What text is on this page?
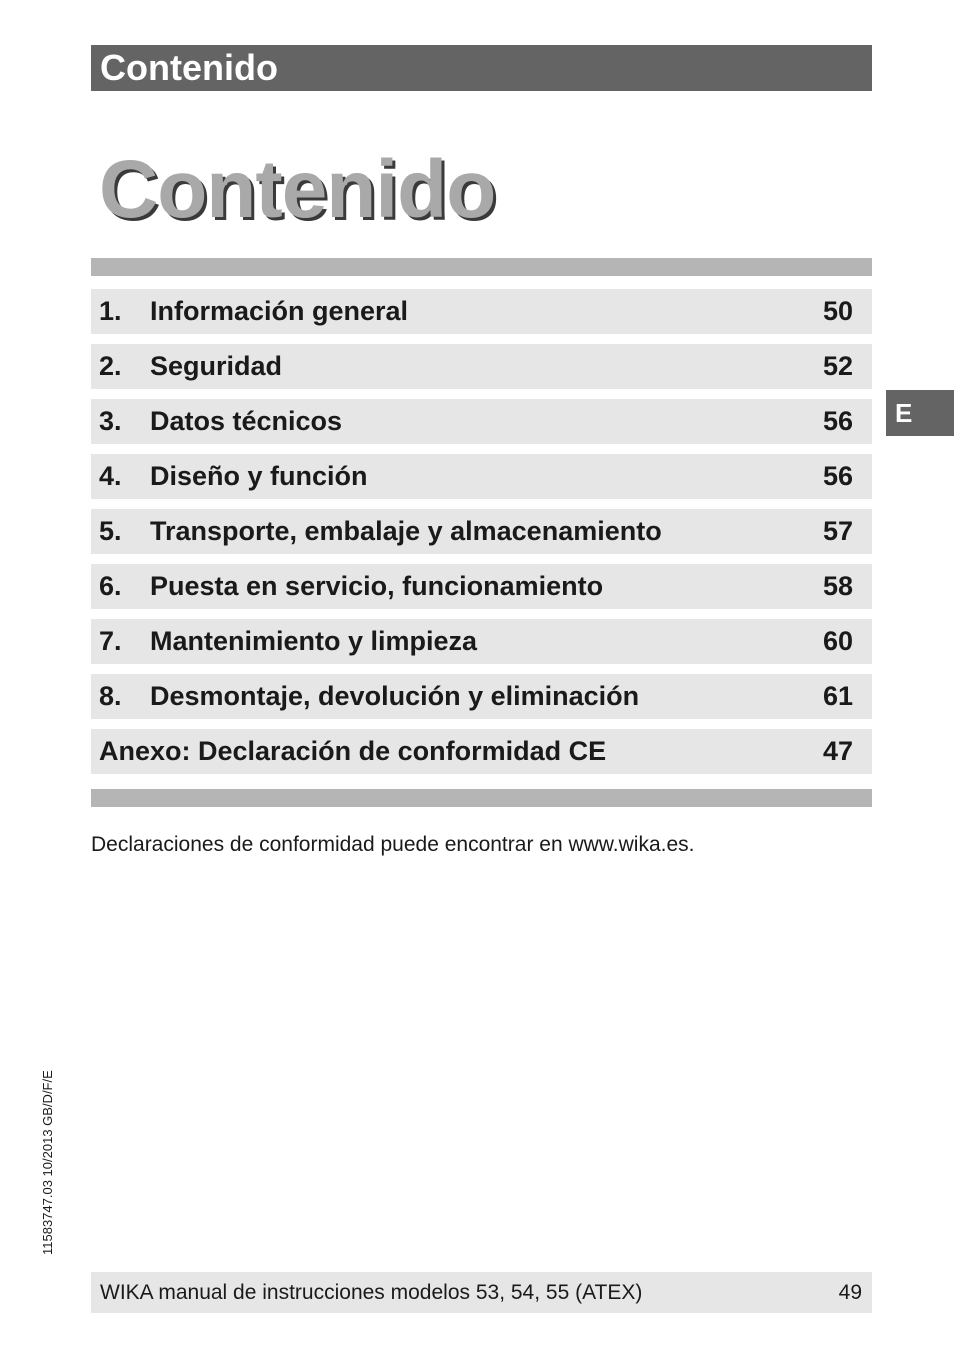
Contenido
Contenido
1. Información general	50
2. Seguridad	52
3. Datos técnicos	56
4. Diseño y función	56
5. Transporte, embalaje y almacenamiento	57
6. Puesta en servicio, funcionamiento	58
7. Mantenimiento y limpieza	60
8. Desmontaje, devolución y eliminación	61
Anexo: Declaración de conformidad CE	47
E
Declaraciones de conformidad puede encontrar en www.wika.es.
11583747.03 10/2013 GB/D/F/E
WIKA manual de instrucciones modelos 53, 54, 55 (ATEX)	49
